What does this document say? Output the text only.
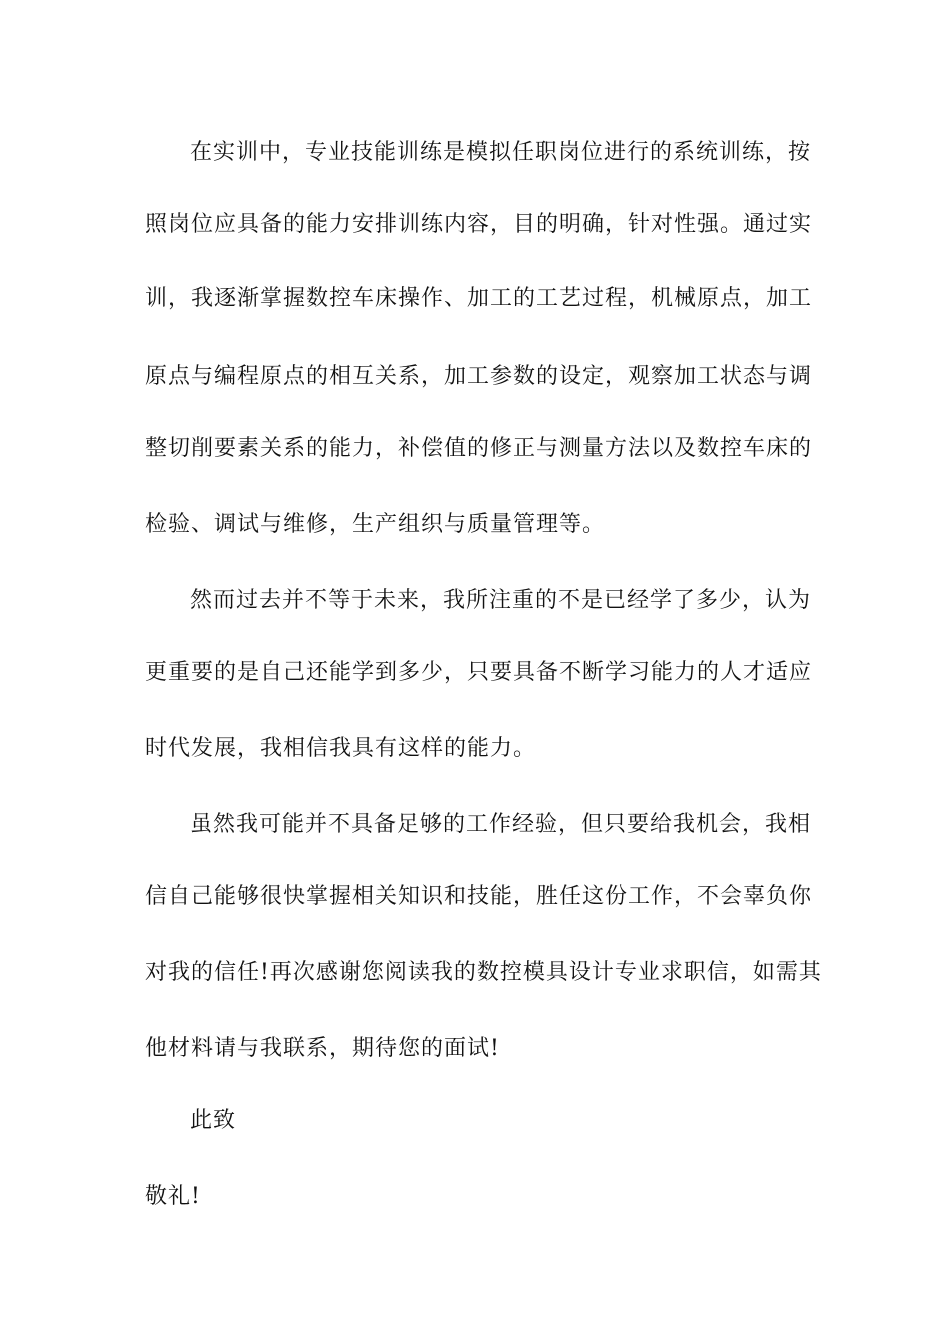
在实训中，专业技能训练是模拟任职岗位进行的系统训练，按
照岗位应具备的能力安排训练内容，目的明确，针对性强。通过实
训，我逐渐掌握数控车床操作、加工的工艺过程，机械原点，加工
原点与编程原点的相互关系，加工参数的设定，观察加工状态与调
整切削要素关系的能力，补偿值的修正与测量方法以及数控车床的
检验、调试与维修，生产组织与质量管理等。
然而过去并不等于未来，我所注重的不是已经学了多少，认为
更重要的是自己还能学到多少，只要具备不断学习能力的人才适应
时代发展，我相信我具有这样的能力。
虽然我可能并不具备足够的工作经验，但只要给我机会，我相
信自己能够很快掌握相关知识和技能，胜任这份工作，不会辜负你
对我的信任!再次感谢您阅读我的数控模具设计专业求职信，如需其
他材料请与我联系，期待您的面试!
此致
敬礼!
